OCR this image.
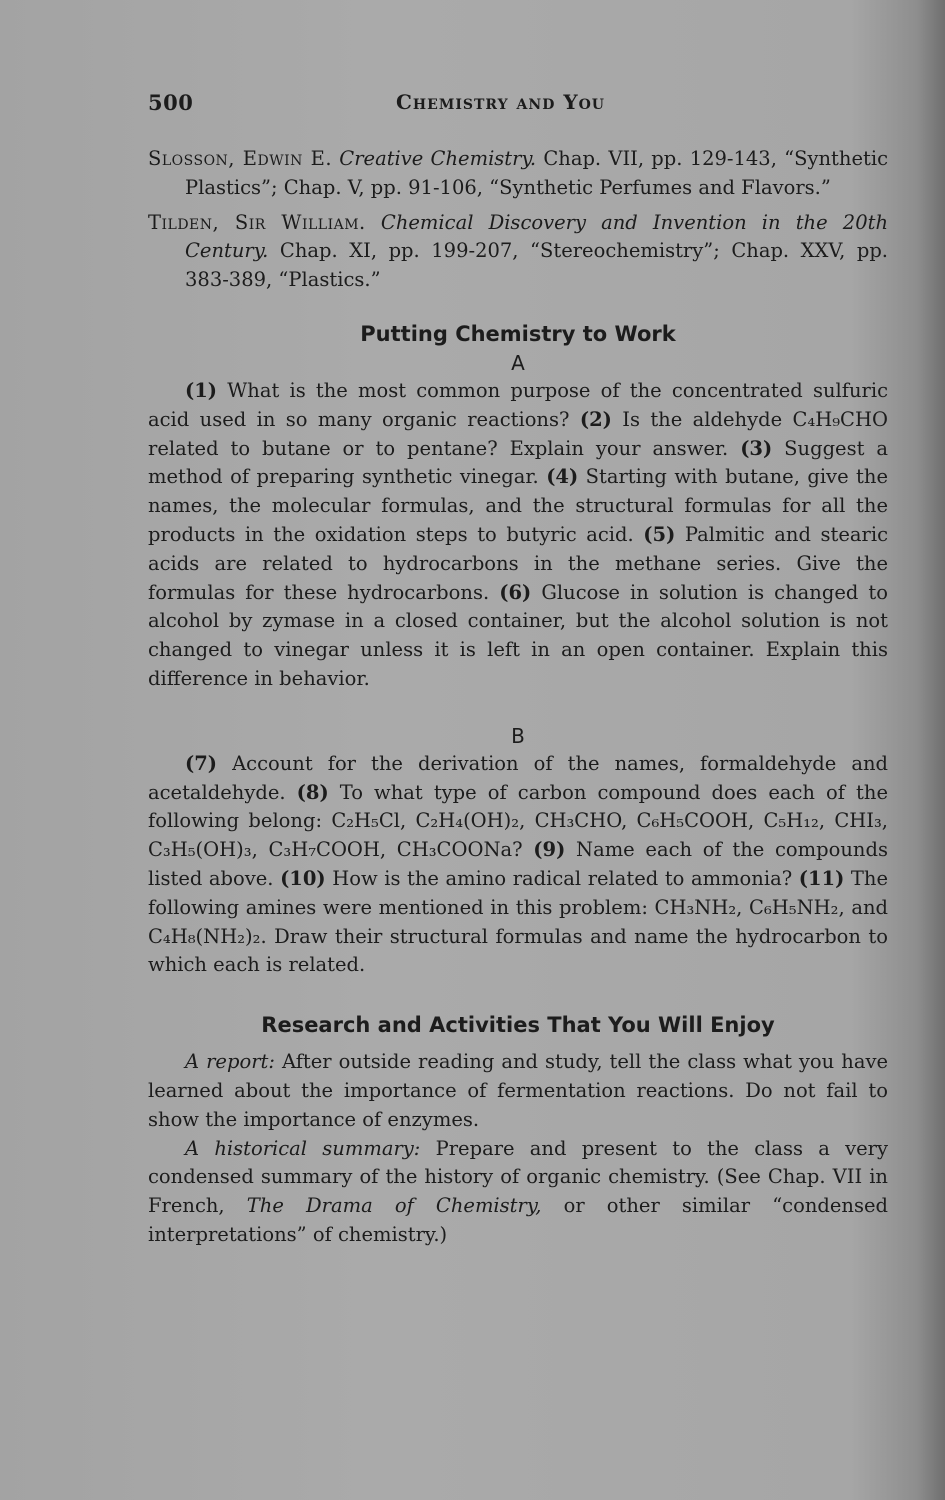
500	Chemistry and You

Slosson, Edwin E. Creative Chemistry. Chap. VII, pp. 129-143, “Synthetic Plastics”; Chap. V, pp. 91-106, “Synthetic Perfumes and Flavors.”

Tilden, Sir William. Chemical Discovery and Invention in the 20th Century. Chap. XI, pp. 199-207, “Stereochemistry”; Chap. XXV, pp. 383-389, “Plastics.”

Putting Chemistry to Work

A

(1) What is the most common purpose of the concentrated sulfuric acid used in so many organic reactions? (2) Is the aldehyde C₄H₉CHO related to butane or to pentane? Explain your answer. (3) Suggest a method of preparing synthetic vinegar. (4) Starting with butane, give the names, the molecular formulas, and the structural formulas for all the products in the oxidation steps to butyric acid. (5) Palmitic and stearic acids are related to hydrocarbons in the methane series. Give the formulas for these hydrocarbons. (6) Glucose in solution is changed to alcohol by zymase in a closed container, but the alcohol solution is not changed to vinegar unless it is left in an open container. Explain this difference in behavior.

B

(7) Account for the derivation of the names, formaldehyde and acetaldehyde. (8) To what type of carbon compound does each of the following belong: C₂H₅Cl, C₂H₄(OH)₂, CH₃CHO, C₆H₅COOH, C₅H₁₂, CHI₃, C₃H₅(OH)₃, C₃H₇COOH, CH₃COONa? (9) Name each of the compounds listed above. (10) How is the amino radical related to ammonia? (11) The following amines were mentioned in this problem: CH₃NH₂, C₆H₅NH₂, and C₄H₈(NH₂)₂. Draw their structural formulas and name the hydrocarbon to which each is related.

Research and Activities That You Will Enjoy

A report: After outside reading and study, tell the class what you have learned about the importance of fermentation reactions. Do not fail to show the importance of enzymes.

A historical summary: Prepare and present to the class a very condensed summary of the history of organic chemistry. (See Chap. VII in French, The Drama of Chemistry, or other similar “condensed interpretations” of chemistry.)
